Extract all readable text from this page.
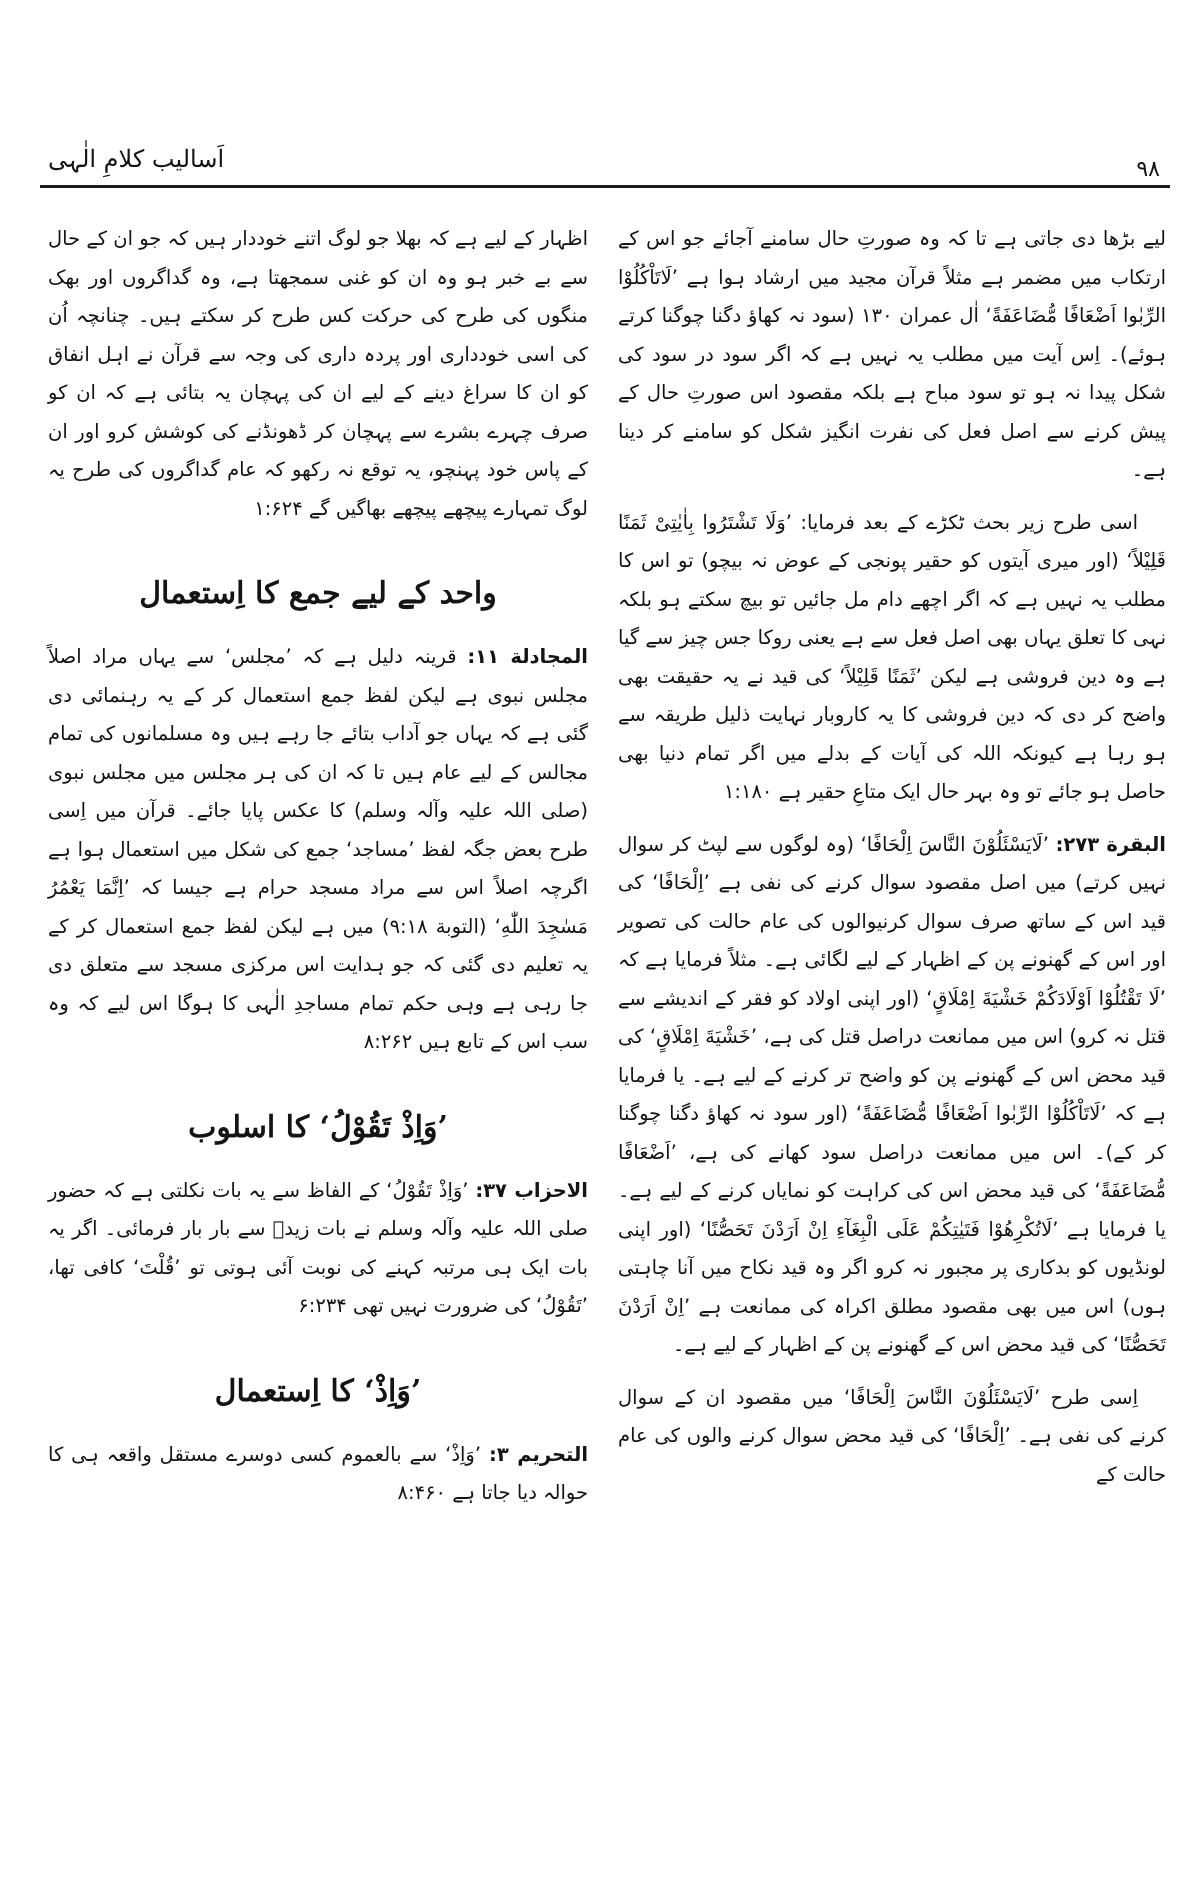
اَسالیب کلامِ الٰہی	۹۸

لیے بڑھا دی جاتی ہے تا کہ وہ صورتِ حال سامنے آجائے جو اس کے ارتکاب میں مضمر ہے مثلاً قرآن مجید میں ارشاد ہوا ہے ’لَاتَاْکُلُوْا الرِّبٰوا اَضْعَافًا مُّضَاعَفَةً‘ اٰل عمران ۱۳۰ (سود نہ کھاؤ دگنا چوگنا کرتے ہوئے)۔ اِس آیت میں مطلب یہ نہیں ہے کہ اگر سود در سود کی شکل پیدا نہ ہو تو سود مباح ہے بلکہ مقصود اس صورتِ حال کے پیش کرنے سے اصل فعل کی نفرت انگیز شکل کو سامنے کر دینا ہے۔

اسی طرح زیر بحث ٹکڑے کے بعد فرمایا: ’وَلَا تَشْتَرُوا بِاٰیٰتِیْ ثَمَنًا قَلِیْلاً‘ (اور میری آیتوں کو حقیر پونجی کے عوض نہ بیچو) تو اس کا مطلب یہ نہیں ہے کہ اگر اچھے دام مل جائیں تو بیچ سکتے ہو بلکہ نہی کا تعلق یہاں بھی اصل فعل سے ہے یعنی روکا جس چیز سے گیا ہے وہ دین فروشی ہے لیکن ’ثَمَنًا قَلِیْلاً‘ کی قید نے یہ حقیقت بھی واضح کر دی کہ دین فروشی کا یہ کاروبار نہایت ذلیل طریقہ سے ہو رہا ہے کیونکہ اللہ کی آیات کے بدلے میں اگر تمام دنیا بھی حاصل ہو جائے تو وہ بہر حال ایک متاعِ حقیر ہے ۱:۱۸۰

البقرة ۲۷۳: ’لَایَسْئَلُوْنَ النَّاسَ اِلْحَافًا‘ (وہ لوگوں سے لپٹ کر سوال نہیں کرتے) میں اصل مقصود سوال کرنے کی نفی ہے ’اِلْحَافًا‘ کی قید اس کے ساتھ صرف سوال کرنیوالوں کی عام حالت کی تصویر اور اس کے گھنونے پن کے اظہار کے لیے لگائی ہے۔ مثلاً فرمایا ہے کہ ’لَا تَقْتُلُوْا اَوْلَادَکُمْ خَشْیَةَ اِمْلَاقٍ‘ (اور اپنی اولاد کو فقر کے اندیشے سے قتل نہ کرو) اس میں ممانعت دراصل قتل کی ہے، ’خَشْیَةَ اِمْلَاقٍ‘ کی قید محض اس کے گھنونے پن کو واضح تر کرنے کے لیے ہے۔ یا فرمایا ہے کہ ’لَاتَاْکُلُوْا الرِّبٰوا اَضْعَافًا مُّضَاعَفَةً‘ (اور سود نہ کھاؤ دگنا چوگنا کر کے)۔ اس میں ممانعت دراصل سود کھانے کی ہے، ’اَضْعَافًا مُّضَاعَفَةً‘ کی قید محض اس کی کراہت کو نمایاں کرنے کے لیے ہے۔ یا فرمایا ہے ’لَاتُکْرِھُوْا فَتَیٰتِکُمْ عَلَی الْبِغَآءِ اِنْ اَرَدْنَ تَحَصُّنًا‘ (اور اپنی لونڈیوں کو بدکاری پر مجبور نہ کرو اگر وہ قید نکاح میں آنا چاہتی ہوں) اس میں بھی مقصود مطلق اکراہ کی ممانعت ہے ’اِنْ اَرَدْنَ تَحَصُّنًا‘ کی قید محض اس کے گھنونے پن کے اظہار کے لیے ہے۔

اِسی طرح ’لَایَسْئَلُوْنَ النَّاسَ اِلْحَافًا‘ میں مقصود ان کے سوال کرنے کی نفی ہے۔ ’اِلْحَافًا‘ کی قید محض سوال کرنے والوں کی عام حالت کے

اظہار کے لیے ہے کہ بھلا جو لوگ اتنے خوددار ہیں کہ جو ان کے حال سے بے خبر ہو وہ ان کو غنی سمجھتا ہے، وہ گداگروں اور بھک منگوں کی طرح کی حرکت کس طرح کر سکتے ہیں۔ چنانچہ اُن کی اسی خودداری اور پردہ داری کی وجہ سے قرآن نے اہل انفاق کو ان کا سراغ دینے کے لیے ان کی پہچان یہ بتائی ہے کہ ان کو صرف چہرے بشرے سے پہچان کر ڈھونڈنے کی کوشش کرو اور ان کے پاس خود پہنچو، یہ توقع نہ رکھو کہ عام گداگروں کی طرح یہ لوگ تمہارے پیچھے پیچھے بھاگیں گے ۱:۶۲۴

واحد کے لیے جمع کا اِستعمال

المجادلة ۱۱: قرینہ دلیل ہے کہ ’مجلس‘ سے یہاں مراد اصلاً مجلس نبوی ہے لیکن لفظ جمع استعمال کر کے یہ رہنمائی دی گئی ہے کہ یہاں جو آداب بتائے جا رہے ہیں وہ مسلمانوں کی تمام مجالس کے لیے عام ہیں تا کہ ان کی ہر مجلس میں مجلس نبوی (صلی اللہ علیہ وآلہ وسلم) کا عکس پایا جائے۔ قرآن میں اِسی طرح بعض جگہ لفظ ’مساجد‘ جمع کی شکل میں استعمال ہوا ہے اگرچہ اصلاً اس سے مراد مسجد حرام ہے جیسا کہ ’اِنَّمَا یَعْمُرُ مَسٰجِدَ اللّٰهِ‘ (التوبة ۹:۱۸) میں ہے لیکن لفظ جمع استعمال کر کے یہ تعلیم دی گئی کہ جو ہدایت اس مرکزی مسجد سے متعلق دی جا رہی ہے وہی حکم تمام مساجدِ الٰہی کا ہوگا اس لیے کہ وہ سب اس کے تابع ہیں ۸:۲۶۲

’وَاِذْ تَقُوْلُ‘ کا اسلوب

الاحزاب ۳۷: ’وَاِذْ تَقُوْلُ‘ کے الفاظ سے یہ بات نکلتی ہے کہ حضور صلی اللہ علیہ وآلہ وسلم نے بات زیدؓ سے بار بار فرمائی۔ اگر یہ بات ایک ہی مرتبہ کہنے کی نوبت آئی ہوتی تو ’قُلْتَ‘ کافی تھا، ’تَقُوْلُ‘ کی ضرورت نہیں تھی ۶:۲۳۴

’وَاِذْ‘ کا اِستعمال

التحریم ۳: ’وَاِذْ‘ سے بالعموم کسی دوسرے مستقل واقعہ ہی کا حوالہ دیا جاتا ہے ۸:۴۶۰
